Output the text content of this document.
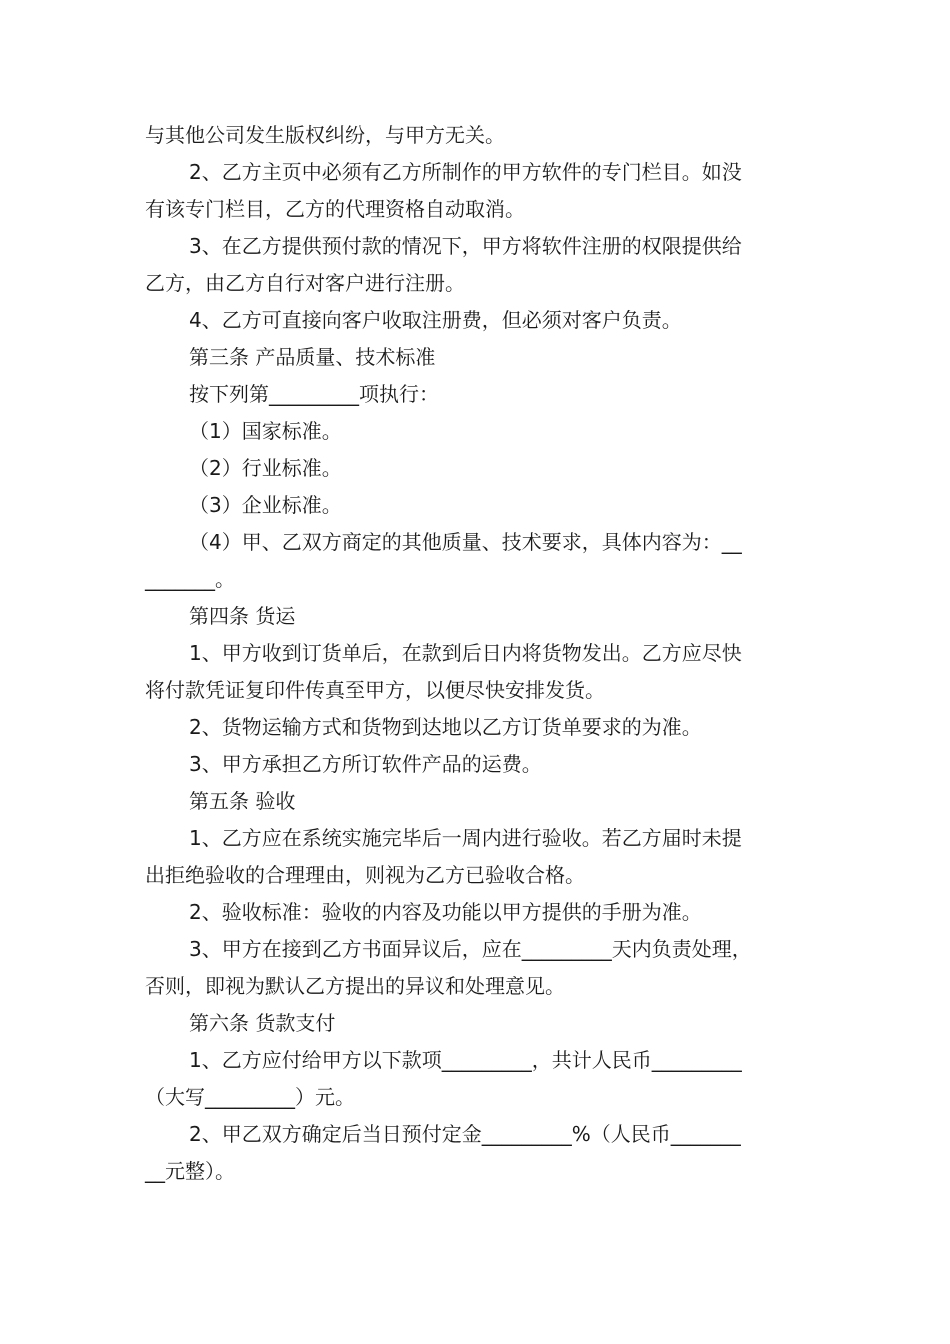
与其他公司发生版权纠纷，与甲方无关。
2、乙方主页中必须有乙方所制作的甲方软件的专门栏目。如没
有该专门栏目，乙方的代理资格自动取消。
3、在乙方提供预付款的情况下，甲方将软件注册的权限提供给
乙方，由乙方自行对客户进行注册。
4、乙方可直接向客户收取注册费，但必须对客户负责。
第三条 产品质量、技术标准
按下列第_________项执行：
（1）国家标准。
（2）行业标准。
（3）企业标准。
（4）甲、乙双方商定的其他质量、技术要求，具体内容为：__
_______。
第四条 货运
1、甲方收到订货单后，在款到后日内将货物发出。乙方应尽快
将付款凭证复印件传真至甲方，以便尽快安排发货。
2、货物运输方式和货物到达地以乙方订货单要求的为准。
3、甲方承担乙方所订软件产品的运费。
第五条 验收
1、乙方应在系统实施完毕后一周内进行验收。若乙方届时未提
出拒绝验收的合理理由，则视为乙方已验收合格。
2、验收标准：验收的内容及功能以甲方提供的手册为准。
3、甲方在接到乙方书面异议后，应在_________天内负责处理，
否则，即视为默认乙方提出的异议和处理意见。
第六条 货款支付
1、乙方应付给甲方以下款项_________，共计人民币_________
（大写_________）元。
2、甲乙双方确定后当日预付定金_________%（人民币_______
__元整）。
